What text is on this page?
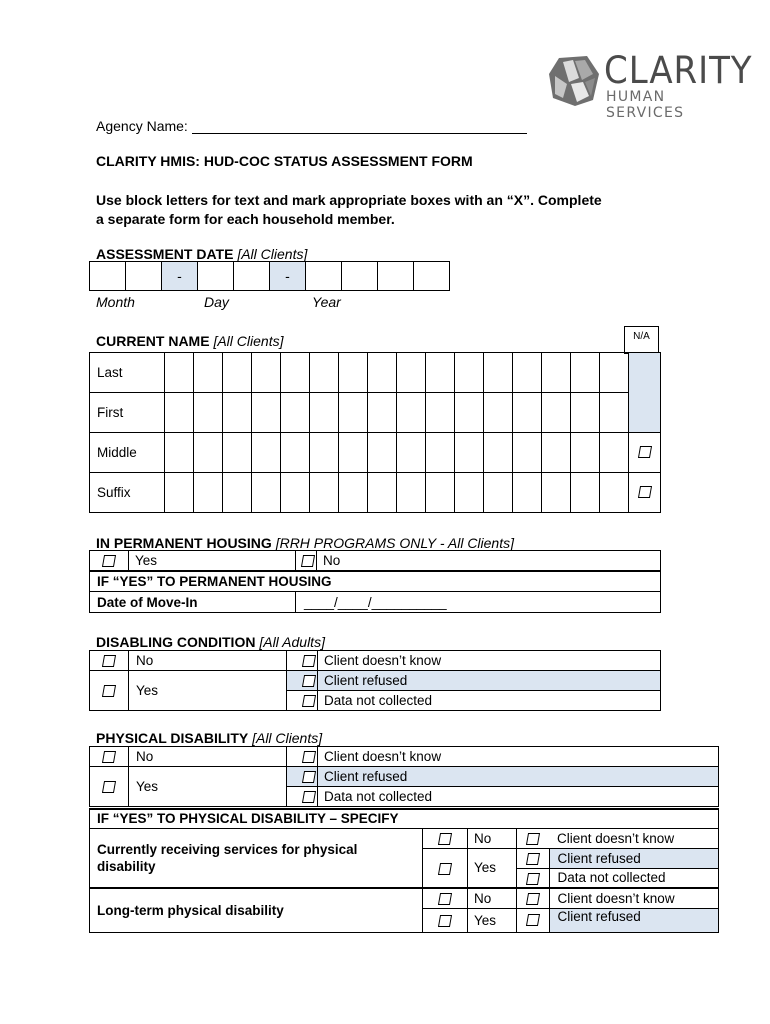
CLARITY
HUMAN SERVICES
Agency Name:
CLARITY HMIS: HUD-COC STATUS ASSESSMENT FORM
Use block letters for text and mark appropriate boxes with an “X”. Complete
a separate form for each household member.
ASSESSMENT DATE [All Clients]
		-			-				
Month	Day	Year
CURRENT NAME [All Clients]	N/A
Last																	
First																	
Middle																	
Suffix																	
IN PERMANENT HOUSING [RRH PROGRAMS ONLY - All Clients]
	Yes		No
IF “YES” TO PERMANENT HOUSING			
Date of Move-In		____/____/__________	
DISABLING CONDITION [All Adults]
	No		Client doesn’t know
	Yes		Client refused
			Data not collected
PHYSICAL DISABILITY [All Clients]
	No		Client doesn’t know
	Yes		Client refused
			Data not collected
IF “YES” TO PHYSICAL DISABILITY – SPECIFY				

Currently receiving services for physical
disability		No		Client doesn’t know
		Yes		Client refused
				Data not collected
Long-term physical disability		No		Client doesn’t know
		Yes		Client refused
